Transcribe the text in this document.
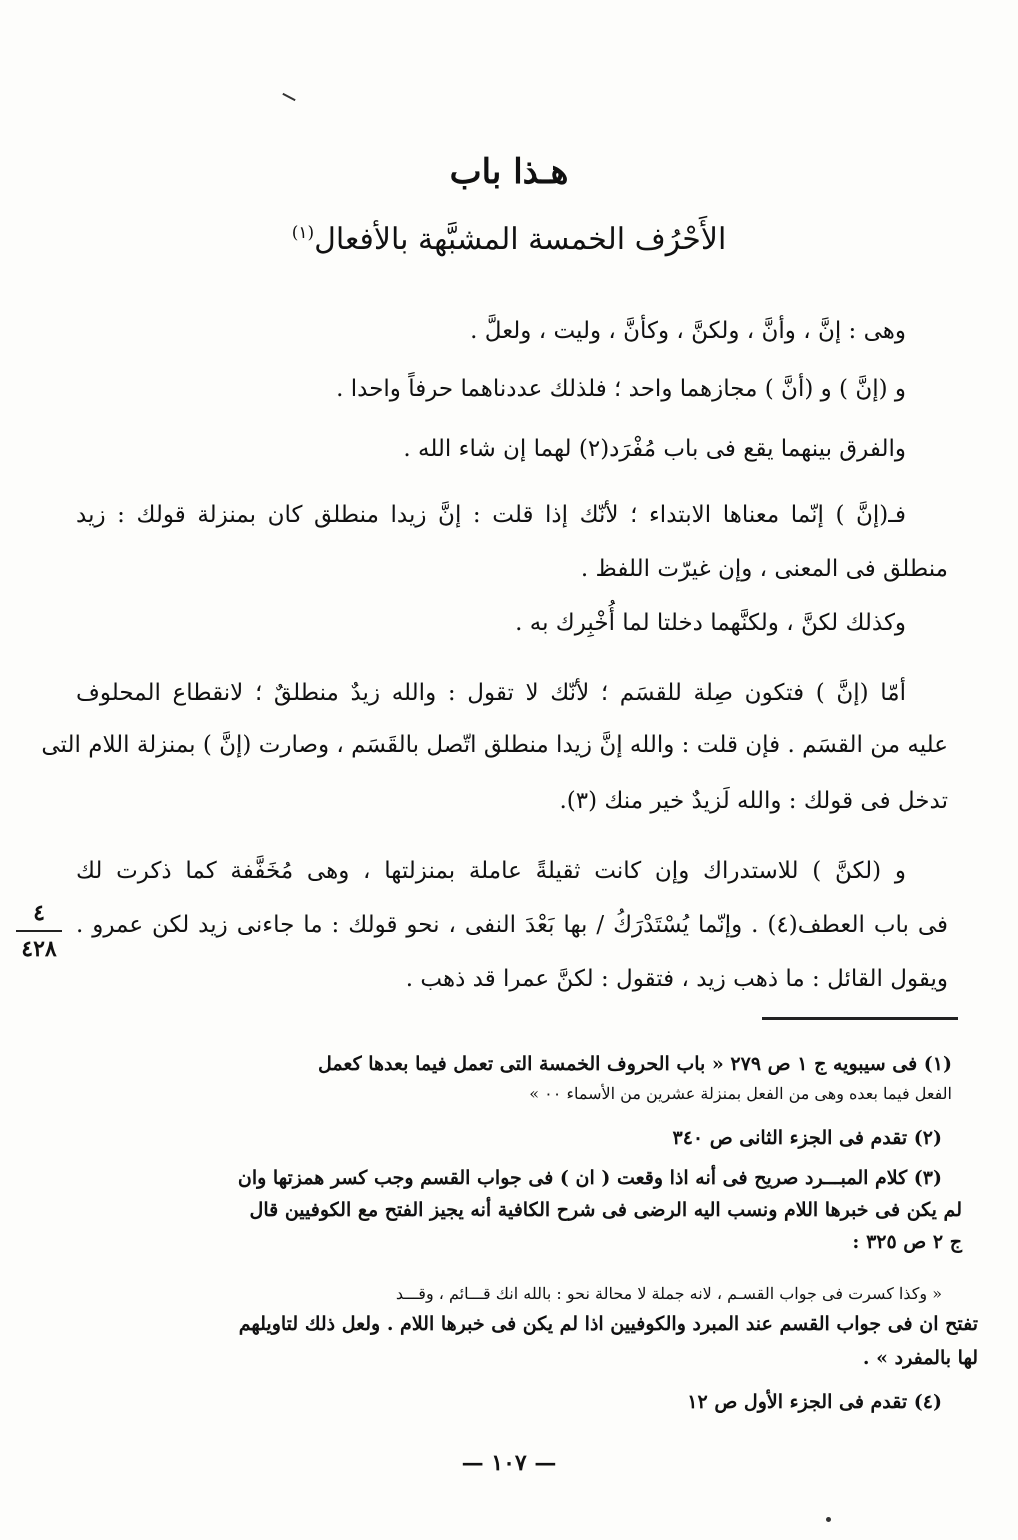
هـذا باب
الأَحْرُف الخمسة المشبَّهة بالأفعال$^{(١)}$
وهى : إنَّ ، وأنَّ ، ولكنَّ ، وكأنَّ ، وليت ، ولعلَّ .
و (إنَّ ) و (أنَّ ) مجازهما واحد ؛ فلذلك عددناهما حرفاً واحدا .
والفرق بينهما يقع فى باب مُفْرَد(٢) لهما إن شاء الله .
فـ(إنَّ ) إنّما معناها الابتداء ؛ لأنّك إذا قلت : إنَّ زيدا منطلق كان بمنزلة قولك : زيد
منطلق فى المعنى ، وإن غيرّت اللفظ .
وكذلك لكنَّ ، ولكنَّهما دخلتا لما أُخْبِرك به .
أمّا (إنَّ ) فتكون صِلة للقسَم ؛ لأنّك لا تقول : والله زيدٌ منطلقٌ ؛ لانقطاع المحلوف
عليه من القسَم . فإن قلت : والله إنَّ زيدا منطلق اتّصل بالقَسَم ، وصارت (إنَّ ) بمنزلة اللام التى
تدخل فى قولك : والله لَزيدٌ خير منك (٣).
و (لكنَّ ) للاستدراك وإن كانت ثقيلةً عاملة بمنزلتها ، وهى مُخَفَّفة كما ذكرت لك
فى باب العطف(٤) . وإنّما يُسْتَدْرَكُ / بها بَعْدَ النفى ، نحو قولك : ما جاءنى زيد لكن عمرو .
ويقول القائل : ما ذهب زيد ، فتقول : لكنَّ عمرا قد ذهب .
٤
٤٢٨
(١) فى سيبويه ج ١ ص ٢٧٩ « باب الحروف الخمسة التى تعمل فيما بعدها كعمل
الفعل فيما بعده وهى من الفعل بمنزلة عشرين من الأسماء ٠٠ »
(٢) تقدم فى الجزء الثانى ص ٣٤٠
(٣) كلام المبـــرد صريح فى أنه اذا وقعت ( ان ) فى جواب القسم وجب كسر همزتها وان
لم يكن فى خبرها اللام ونسب اليه الرضى فى شرح الكافية أنه يجيز الفتح مع الكوفيين قال
ج ٢ ص ٣٢٥ :
« وكذا كسرت فى جواب القسـم ، لانه جملة لا محالة نحو : بالله انك قـــائم ، وقـــد
تفتح ان فى جواب القسم عند المبرد والكوفيين اذا لم يكن فى خبرها اللام . ولعل ذلك لتاويلهم
لها بالمفرد » .
(٤) تقدم فى الجزء الأول ص ١٢
— ١٠٧ —
